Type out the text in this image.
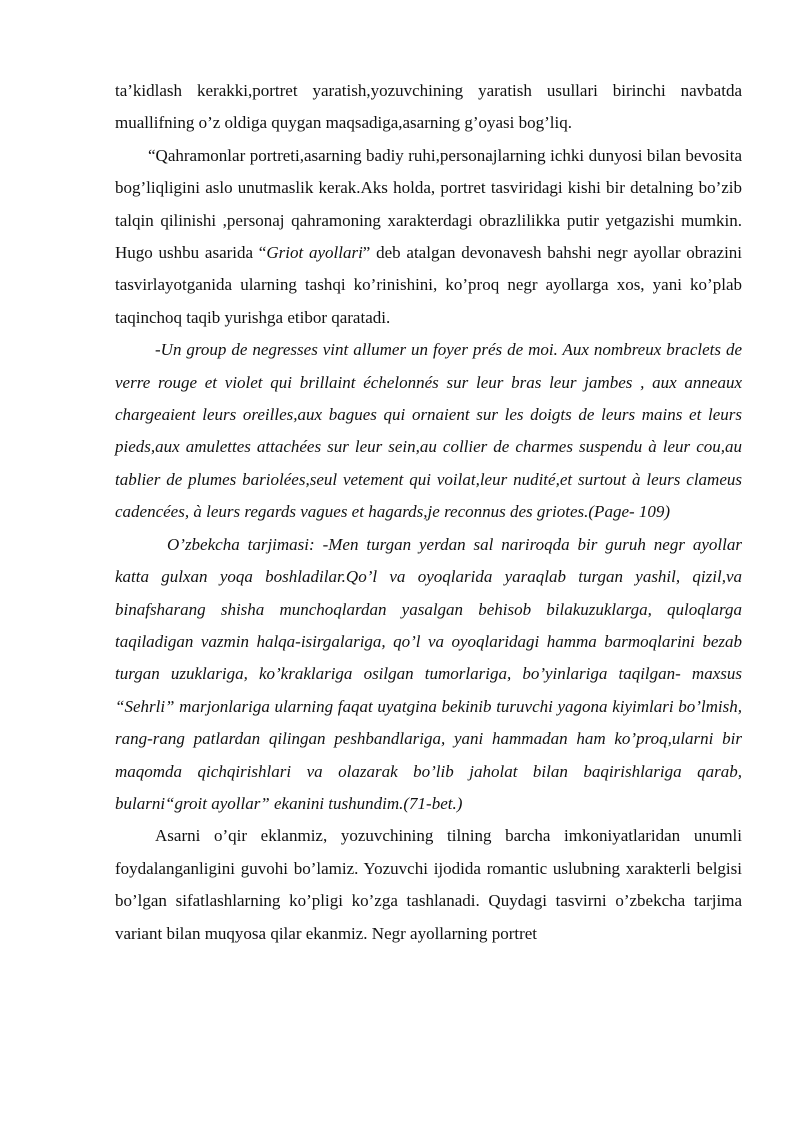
ta’kidlash kerakki,portret yaratish,yozuvchining yaratish usullari birinchi navbatda muallifning o’z oldiga quygan maqsadiga,asarning g’oyasi bog’liq.

“Qahramonlar portreti,asarning badiy ruhi,personajlarning ichki dunyosi bilan bevosita bog’liqligini aslo unutmaslik kerak.Aks holda, portret tasviridagi kishi bir detalning bo’zib talqin qilinishi ,personaj qahramoning xarakterdagi obrazlilikka putir yetgazishi mumkin. Hugo ushbu asarida “Griot ayollari” deb atalgan devonavesh bahshi negr ayollar obrazini tasvirlayotganida ularning tashqi ko’rinishini, ko’proq negr ayollarga xos, yani ko’plab taqinchoq taqib yurishga etibor qaratadi.

-Un group de negresses vint allumer un foyer prés de moi. Aux nombreux braclets de verre rouge et violet qui brillaint échelonnés sur leur bras leur jambes , aux anneaux chargeaient leurs oreilles,aux bagues qui ornaient sur les doigts de leurs mains et leurs pieds,aux amulettes attachées sur leur sein,au collier de charmes suspendu à leur cou,au tablier de plumes bariolées,seul vetement qui voilat,leur nudité,et surtout à leurs clameus cadencées, à leurs regards vagues et hagards,je reconnus des griotes.(Page- 109)

O’zbekcha tarjimasi: -Men turgan yerdan sal nariroqda bir guruh negr ayollar katta gulxan yoqa boshladilar.Qo’l va oyoqlarida yaraqlab turgan yashil, qizil,va binafsharang shisha munchoqlardan yasalgan behisob bilakuzuklarga, quloqlarga taqiladigan vazmin halqa-isirgalariga, qo’l va oyoqlaridagi hamma barmoqlarini bezab turgan uzuklariga, ko’kraklariga osilgan tumorlariga, bo’yinlariga taqilgan- maxsus “Sehrli” marjonlariga ularning faqat uyatgina bekinib turuvchi yagona kiyimlari bo’lmish, rang-rang patlardan qilingan peshbandlariga, yani hammadan ham ko’proq,ularni bir maqomda qichqirishlari va olazarak bo’lib jaholat bilan baqirishlariga qarab, bularni“groit ayollar” ekanini tushundim.(71-bet.)

Asarni o’qir eklanmiz, yozuvchining tilning barcha imkoniyatlaridan unumli foydalanganligini guvohi bo’lamiz. Yozuvchi ijodida romantic uslubning xarakterli belgisi bo’lgan sifatlashlarning ko’pligi ko’zga tashlanadi. Quydagi tasvirni o’zbekcha tarjima variant bilan muqyosa qilar ekanmiz. Negr ayollarning portret
